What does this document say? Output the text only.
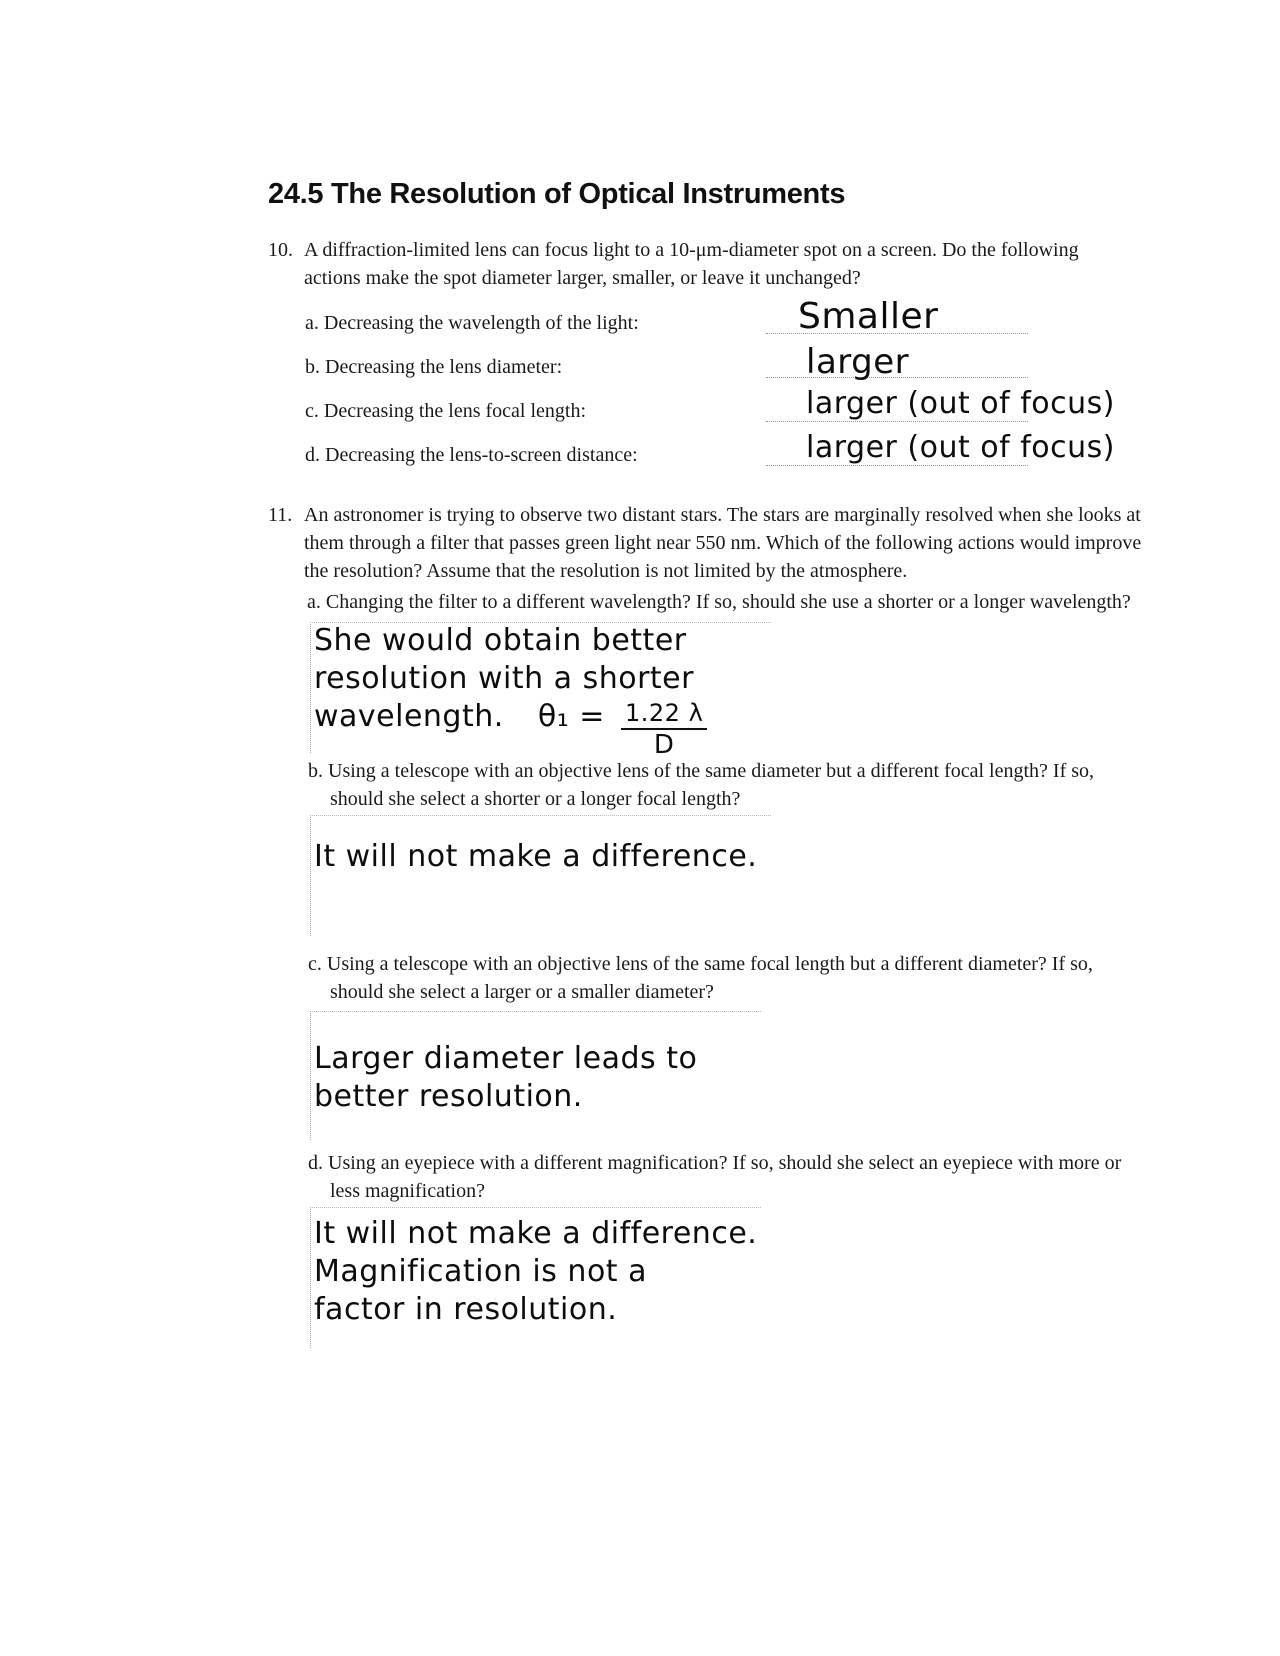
24.5 The Resolution of Optical Instruments
10. A diffraction-limited lens can focus light to a 10-μm-diameter spot on a screen. Do the following
actions make the spot diameter larger, smaller, or leave it unchanged?
a. Decreasing the wavelength of the light:
b. Decreasing the lens diameter:
c. Decreasing the lens focal length:
d. Decreasing the lens-to-screen distance:
Smaller
larger
larger (out of focus)
larger (out of focus)
11. An astronomer is trying to observe two distant stars. The stars are marginally resolved when she looks at
them through a filter that passes green light near 550 nm. Which of the following actions would improve
the resolution? Assume that the resolution is not limited by the atmosphere.
a. Changing the filter to a different wavelength? If so, should she use a shorter or a longer wavelength?
She would obtain better
resolution with a shorter
wavelength. $\theta_1 = \frac{1.22 \lambda}{D}$
b. Using a telescope with an objective lens of the same diameter but a different focal length? If so,
should she select a shorter or a longer focal length?
It will not make a difference.
c. Using a telescope with an objective lens of the same focal length but a different diameter? If so,
should she select a larger or a smaller diameter?
Larger diameter leads to
better resolution.
d. Using an eyepiece with a different magnification? If so, should she select an eyepiece with more or
less magnification?
It will not make a difference.
Magnification is not a
factor in resolution.
